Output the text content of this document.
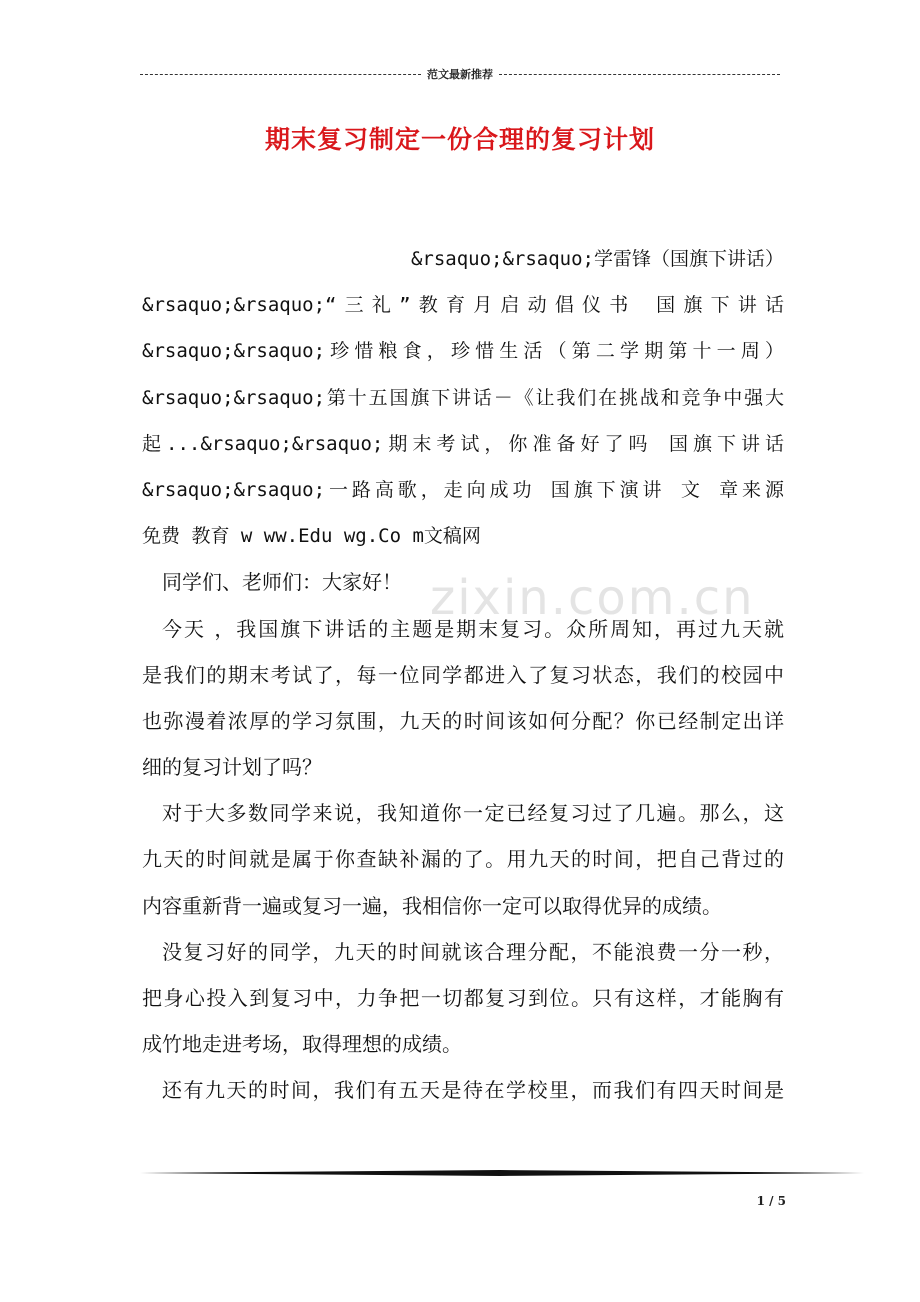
范文最新推荐
期末复习制定一份合理的复习计划
zixin.com.cn
&rsaquo;&rsaquo;学雷锋（国旗下讲话）
&rsaquo;&rsaquo;“三礼”教育月启动倡仪书 国旗下讲话
&rsaquo;&rsaquo;珍惜粮食，珍惜生活（第二学期第十一周）
&rsaquo;&rsaquo;第十五国旗下讲话－《让我们在挑战和竞争中强大
起...&rsaquo;&rsaquo;期末考试，你准备好了吗 国旗下讲话
&rsaquo;&rsaquo;一路高歌，走向成功 国旗下演讲 文 章来源
免费 教育 w ww.Edu wg.Co m文稿网
同学们、老师们：大家好！
今天 ，我国旗下讲话的主题是期末复习。众所周知，再过九天就
是我们的期末考试了，每一位同学都进入了复习状态，我们的校园中
也弥漫着浓厚的学习氛围，九天的时间该如何分配？你已经制定出详
细的复习计划了吗？
对于大多数同学来说，我知道你一定已经复习过了几遍。那么，这
九天的时间就是属于你查缺补漏的了。用九天的时间，把自己背过的
内容重新背一遍或复习一遍，我相信你一定可以取得优异的成绩。
没复习好的同学，九天的时间就该合理分配，不能浪费一分一秒，
把身心投入到复习中，力争把一切都复习到位。只有这样，才能胸有
成竹地走进考场，取得理想的成绩。
还有九天的时间，我们有五天是待在学校里，而我们有四天时间是
1 / 5
